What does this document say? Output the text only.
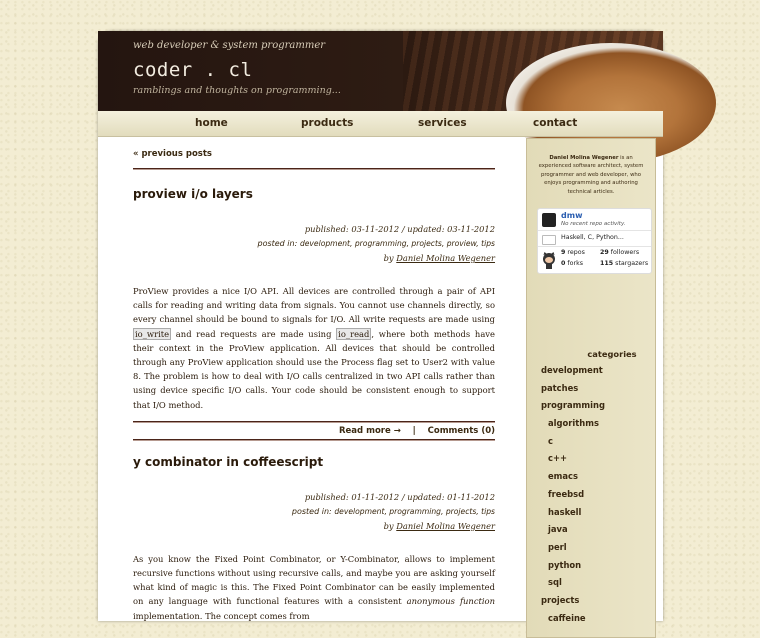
web developer & system programmer
coder . cl
ramblings and thoughts on programming...
home	products	services	contact
« previous posts
proview i/o layers
published: 03-11-2012 / updated: 03-11-2012
posted in: development, programming, projects, proview, tips
by Daniel Molina Wegener
ProView provides a nice I/O API. All devices are controlled through a pair of API calls for reading and writing data from signals. You cannot use channels directly, so every channel should be bound to signals for I/O. All write requests are made using io_write and read requests are made using io_read , where both methods have their context in the ProView application. All devices that should be controlled through any ProView application should use the Process flag set to User2 with value 8. The problem is how to deal with I/O calls centralized in two API calls rather than using device specific I/O calls. Your code should be consistent enough to support that I/O method.
Read more → | Comments (0)
y combinator in coffeescript
published: 01-11-2012 / updated: 01-11-2012
posted in: development, programming, projects, tips
by Daniel Molina Wegener
As you know the Fixed Point Combinator, or Y-Combinator, allows to implement recursive functions without using recursive calls, and maybe you are asking yourself what kind of magic is this. The Fixed Point Combinator can be easily implemented on any language with functional features with a consistent anonymous function implementation. The concept comes from
Daniel Molina Wegener is an experienced software architect, system programmer and web developer, who enjoys programming and authoring technical articles.
dmw
No recent repo activity.
Haskell, C, Python...
9 repos 29 followers
0 forks	115 stargazers
categories
development
patches
programming
algorithms
c
c++
emacs
freebsd
haskell
java
perl
python
sql
projects
caffeine
